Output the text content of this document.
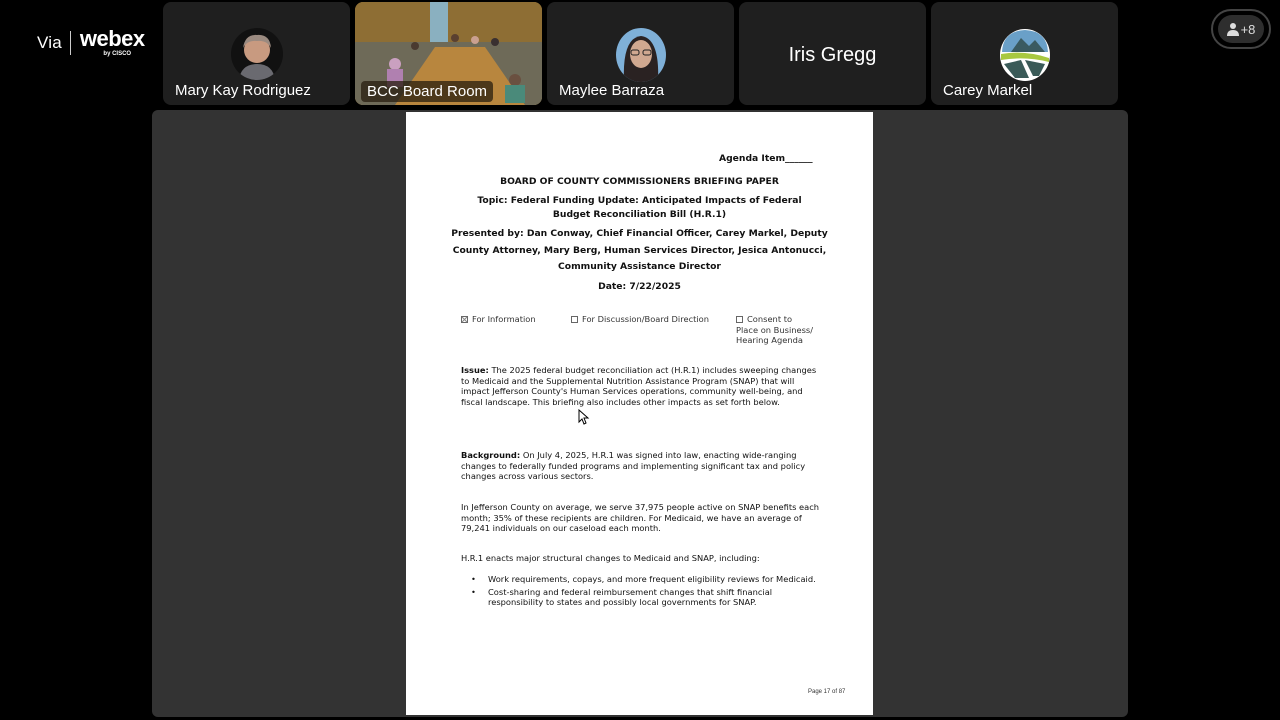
Via webex
by CISCO
Mary Kay Rodriguez	BCC Board Room	Maylee Barraza
Iris Gregg
Carey Markel
+8
Agenda Item______
BOARD OF COUNTY COMMISSIONERS BRIEFING PAPER
Topic: Federal Funding Update: Anticipated Impacts of Federal
Budget Reconciliation Bill (H.R.1)
Presented by: Dan Conway, Chief Financial Officer, Carey Markel, Deputy
County Attorney, Mary Berg, Human Services Director, Jesica Antonucci,
Community Assistance Director
Date: 7/22/2025
For Information	For Discussion/Board Direction	Consent to
Place on Business/
Hearing Agenda
Issue: The 2025 federal budget reconciliation act (H.R.1) includes sweeping changes to Medicaid and the Supplemental Nutrition Assistance Program (SNAP) that will impact Jefferson County's Human Services operations, community well-being, and fiscal landscape. This briefing also includes other impacts as set forth below.
Background: On July 4, 2025, H.R.1 was signed into law, enacting wide-ranging changes to federally funded programs and implementing significant tax and policy changes across various sectors.
In Jefferson County on average, we serve 37,975 people active on SNAP benefits each month; 35% of these recipients are children. For Medicaid, we have an average of 79,241 individuals on our caseload each month.
H.R.1 enacts major structural changes to Medicaid and SNAP, including:
• Work requirements, copays, and more frequent eligibility reviews for Medicaid.
• Cost-sharing and federal reimbursement changes that shift financial responsibility to states and possibly local governments for SNAP.
Page 17 of 87
